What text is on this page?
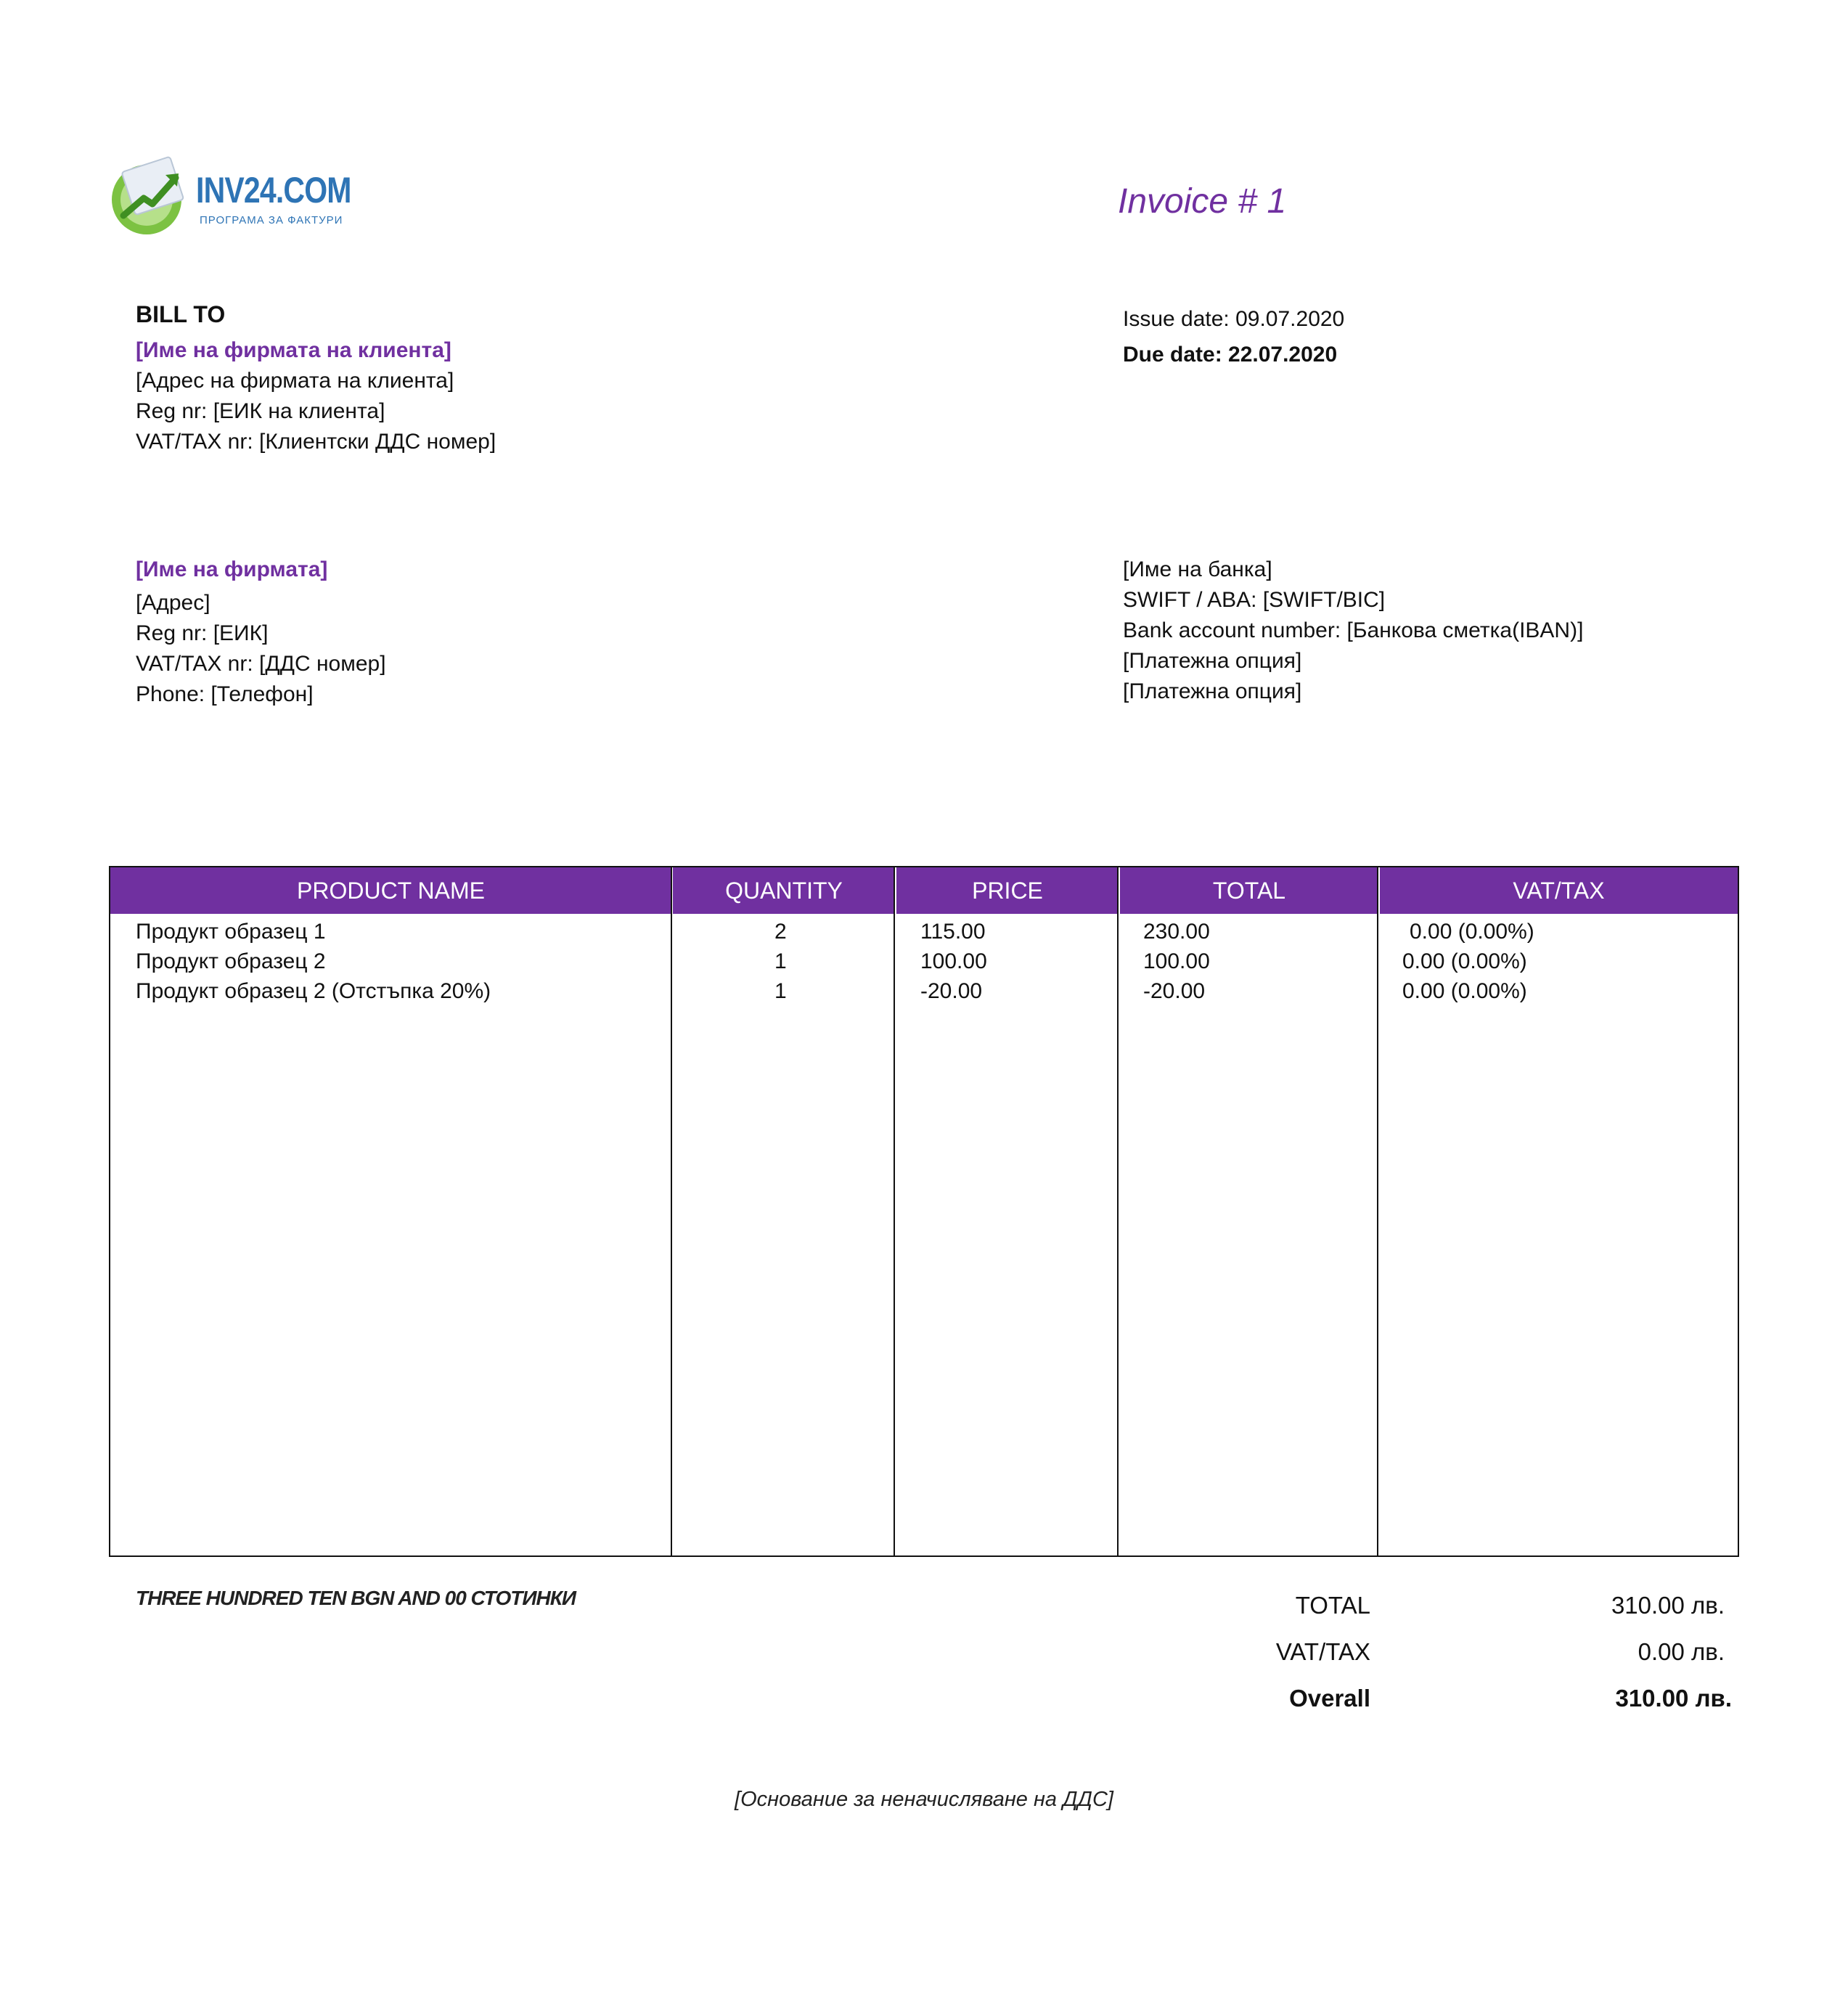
INV24.COM
ПРОГРАМА ЗА ФАКТУРИ	Invoice # 1
BILL TO
[Име на фирмата на клиента]
[Адрес на фирмата на клиента]
Reg nr: [ЕИК на клиента]
VAT/TAX nr: [Клиентски ДДС номер]
Issue date: 09.07.2020
Due date: 22.07.2020
[Име на фирмата]
[Адрес]
Reg nr: [ЕИК]
VAT/TAX nr: [ДДС номер]
Phone: [Телефон]
[Име на банка]
SWIFT / ABA: [SWIFT/BIC]
Bank account number: [Банкова сметка(IBAN)]
[Платежна опция]
[Платежна опция]
PRODUCT NAME	QUANTITY	PRICE	TOTAL	VAT/TAX
Продукт образец 1	2	115.00	230.00	0.00 (0.00%)
Продукт образец 2	1	100.00	100.00	0.00 (0.00%)
Продукт образец 2 (Отстъпка 20%)	1	-20.00	-20.00	0.00 (0.00%)
THREE HUNDRED TEN BGN AND 00 СТОТИНКИ	TOTAL	310.00 лв.
VAT/TAX	0.00 лв.
Overall	310.00 лв.
[Основание за неначисляване на ДДС]
